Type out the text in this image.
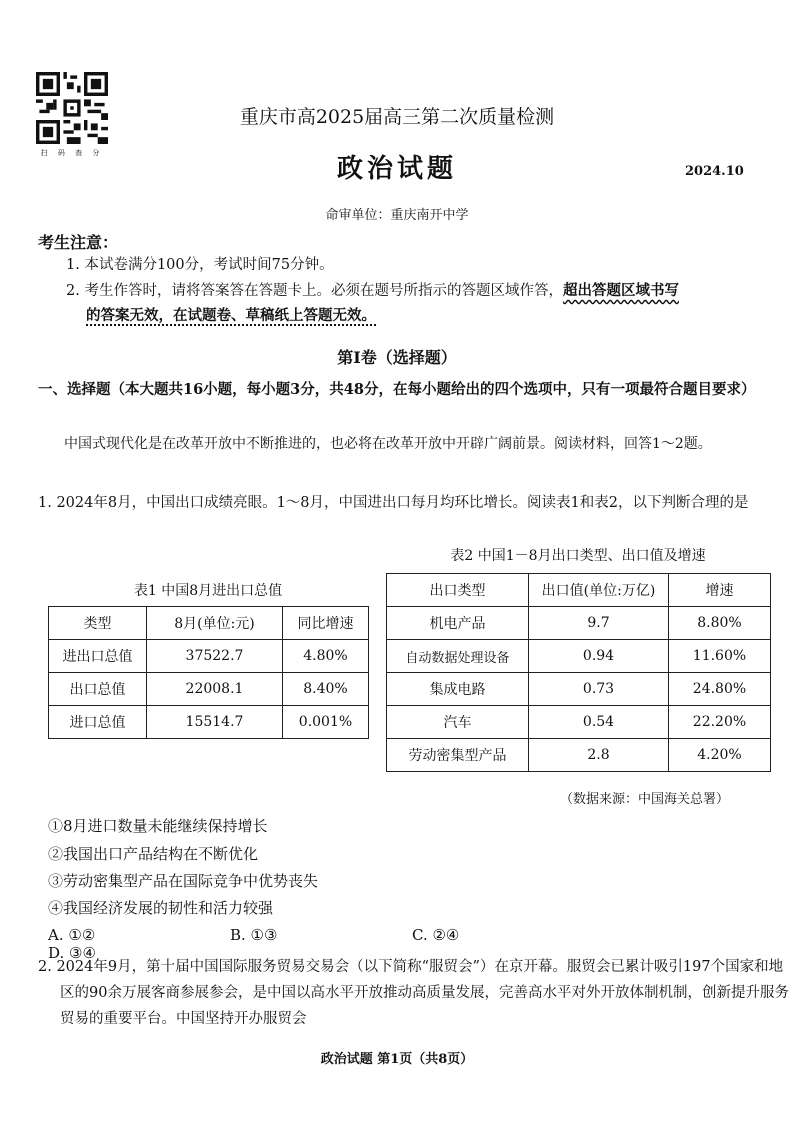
扫 码 查 分
重庆市高2025届高三第二次质量检测
政治试题	2024.10
命审单位：重庆南开中学
考生注意：
1. 本试卷满分100分，考试时间75分钟。
2. 考生作答时，请将答案答在答题卡上。必须在题号所指示的答题区域作答，超出答题区域书写
的答案无效，在试题卷、草稿纸上答题无效。
第Ⅰ卷（选择题）
一、选择题（本大题共16小题，每小题3分，共48分，在每小题给出的四个选项中，只有一项最符合题目要求）
中国式现代化是在改革开放中不断推进的，也必将在改革开放中开辟广阔前景。阅读材料，回答1～2题。
1. 2024年8月，中国出口成绩亮眼。1～8月，中国进出口每月均环比增长。阅读表1和表2，以下判断合理的是
表2 中国1－8月出口类型、出口值及增速
出口类型	出口值(单位:万亿)	增速
机电产品	9.7	8.80%
自动数据处理设备	0.94	11.60%
集成电路	0.73	24.80%
汽车	0.54	22.20%
劳动密集型产品	2.8	4.20%
表1 中国8月进出口总值
类型	8月(单位:元)	同比增速
进出口总值	37522.7	4.80%
出口总值	22008.1	8.40%
进口总值	15514.7	0.001%
（数据来源：中国海关总署）
①8月进口数量未能继续保持增长
②我国出口产品结构在不断优化
③劳动密集型产品在国际竞争中优势丧失
④我国经济发展的韧性和活力较强
A. ①②	B. ①③	C. ②④D. ③④
2. 2024年9月，第十届中国国际服务贸易交易会（以下简称“服贸会”）在京开幕。服贸会已累计吸引197个国家和地区的90余万展客商参展参会，是中国以高水平开放推动高质量发展，完善高水平对外开放体制机制，创新提升服务贸易的重要平台。中国坚持开办服贸会
政治试题 第1页（共8页）
